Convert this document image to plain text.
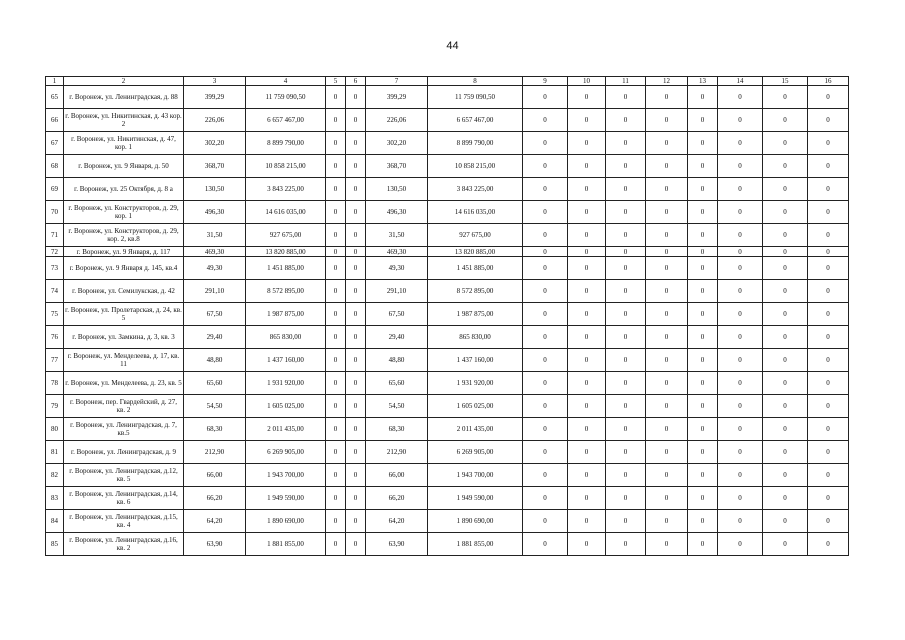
44
1	2	3	4	5	6	7	8	9	10	11	12	13	14	15	16
65	г. Воронеж, ул. Ленинградская, д. 88	399,29	11 759 090,50	0	0	399,29	11 759 090,50	0	0	0	0	0	0	0	0
66	г. Воронеж, ул. Никитинская, д. 43 кор. 2	226,06	6 657 467,00	0	0	226,06	6 657 467,00	0	0	0	0	0	0	0	0
67	г. Воронеж, ул. Никитинская, д. 47, кор. 1	302,20	8 899 790,00	0	0	302,20	8 899 790,00	0	0	0	0	0	0	0	0
68	г. Воронеж, ул. 9 Января, д. 50	368,70	10 858 215,00	0	0	368,70	10 858 215,00	0	0	0	0	0	0	0	0
69	г. Воронеж, ул. 25 Октября, д. 8 а	130,50	3 843 225,00	0	0	130,50	3 843 225,00	0	0	0	0	0	0	0	0
70	г. Воронеж, ул. Конструкторов, д. 29, кор. 1	496,30	14 616 035,00	0	0	496,30	14 616 035,00	0	0	0	0	0	0	0	0
71	г. Воронеж, ул. Конструкторов, д. 29, кор. 2, кв.8	31,50	927 675,00	0	0	31,50	927 675,00	0	0	0	0	0	0	0	0
72	г. Воронеж, ул. 9 Января, д. 117	469,30	13 820 885,00	0	0	469,30	13 820 885,00	0	0	0	0	0	0	0	0
73	г. Воронеж, ул. 9 Января д. 145, кв.4	49,30	1 451 885,00	0	0	49,30	1 451 885,00	0	0	0	0	0	0	0	0
74	г. Воронеж, ул. Семилукская, д. 42	291,10	8 572 895,00	0	0	291,10	8 572 895,00	0	0	0	0	0	0	0	0
75	г. Воронеж, ул. Пролетарская, д. 24, кв. 5	67,50	1 987 875,00	0	0	67,50	1 987 875,00	0	0	0	0	0	0	0	0
76	г. Воронеж, ул. Замкина, д. 3, кв. 3	29,40	865 830,00	0	0	29,40	865 830,00	0	0	0	0	0	0	0	0
77	г. Воронеж, ул. Менделеева, д. 17, кв. 11	48,80	1 437 160,00	0	0	48,80	1 437 160,00	0	0	0	0	0	0	0	0
78	г. Воронеж, ул. Менделеева, д. 23, кв. 5	65,60	1 931 920,00	0	0	65,60	1 931 920,00	0	0	0	0	0	0	0	0
79	г. Воронеж, пер. Гвардейский, д. 27, кв. 2	54,50	1 605 025,00	0	0	54,50	1 605 025,00	0	0	0	0	0	0	0	0
80	г. Воронеж, ул. Ленинградская, д. 7, кв.5	68,30	2 011 435,00	0	0	68,30	2 011 435,00	0	0	0	0	0	0	0	0
81	г. Воронеж, ул. Ленинградская, д. 9	212,90	6 269 905,00	0	0	212,90	6 269 905,00	0	0	0	0	0	0	0	0
82	г. Воронеж, ул. Ленинградская, д.12, кв. 5	66,00	1 943 700,00	0	0	66,00	1 943 700,00	0	0	0	0	0	0	0	0
83	г. Воронеж, ул. Ленинградская, д.14, кв. 6	66,20	1 949 590,00	0	0	66,20	1 949 590,00	0	0	0	0	0	0	0	0
84	г. Воронеж, ул. Ленинградская, д.15, кв. 4	64,20	1 890 690,00	0	0	64,20	1 890 690,00	0	0	0	0	0	0	0	0
85	г. Воронеж, ул. Ленинградская, д.16, кв. 2	63,90	1 881 855,00	0	0	63,90	1 881 855,00	0	0	0	0	0	0	0	0
